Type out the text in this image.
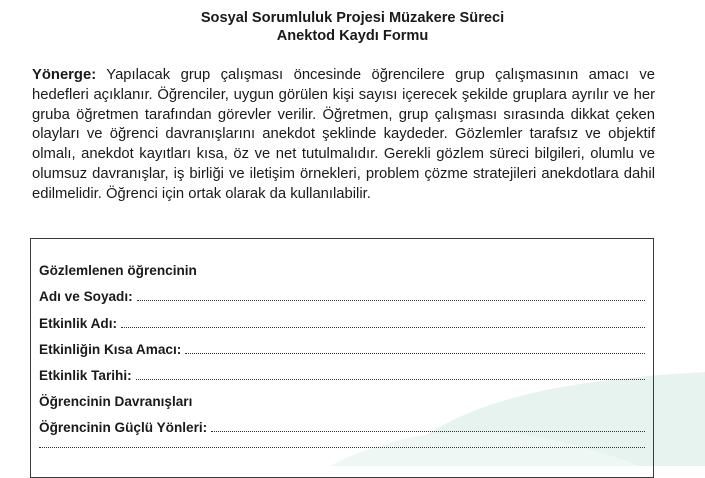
Sosyal Sorumluluk Projesi Müzakere Süreci
Anektod Kaydı Formu
Yönerge: Yapılacak grup çalışması öncesinde öğrencilere grup çalışmasının amacı ve hedefleri açıklanır. Öğrenciler, uygun görülen kişi sayısı içerecek şekilde gruplara ayrılır ve her gruba öğretmen tarafından görevler verilir. Öğretmen, grup çalışması sırasında dikkat çeken olayları ve öğrenci davranışlarını anekdot şeklinde kaydeder. Gözlemler tarafsız ve objektif olmalı, anekdot kayıtları kısa, öz ve net tutulmalıdır. Gerekli gözlem süreci bilgileri, olumlu ve olumsuz davranışlar, iş birliği ve iletişim örnekleri, problem çözme stratejileri anekdotlara dahil edilmelidir. Öğrenci için ortak olarak da kullanılabilir.
Gözlemlenen öğrencinin
Adı ve Soyadı:
Etkinlik Adı:
Etkinliğin Kısa Amacı:
Etkinlik Tarihi:
Öğrencinin Davranışları
Öğrencinin Güçlü Yönleri:
